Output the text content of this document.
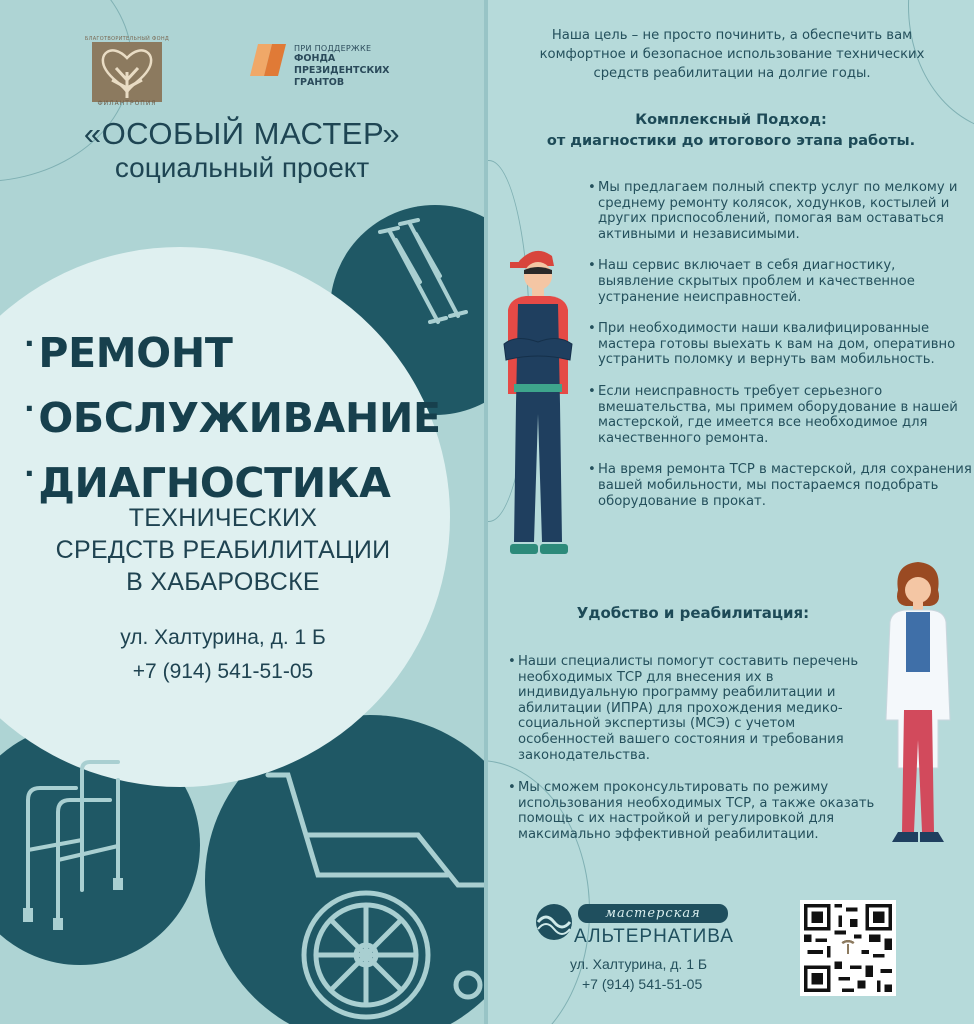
БЛАГОТВОРИТЕЛЬНЫЙ ФОНД
ФИЛАНТРОПИЯ
ПРИ ПОДДЕРЖКЕ
ФОНДА
ПРЕЗИДЕНТСКИХ
ГРАНТОВ
«ОСОБЫЙ МАСТЕР»
социальный проект
·РЕМОНТ
·ОБСЛУЖИВАНИЕ
·ДИАГНОСТИКА
ТЕХНИЧЕСКИХ
СРЕДСТВ РЕАБИЛИТАЦИИ
В ХАБАРОВСКЕ
ул. Халтурина, д. 1 Б
+7 (914) 541-51-05
Наша цель – не просто починить, а обеспечить вам комфортное и безопасное использование технических средств реабилитации на долгие годы.
Комплексный Подход:
от диагностики до итогового этапа работы.
• Мы предлагаем полный спектр услуг по мелкому и среднему ремонту колясок, ходунков, костылей и других приспособлений, помогая вам оставаться активными и независимыми.
• Наш сервис включает в себя диагностику, выявление скрытых проблем и качественное устранение неисправностей.
• При необходимости наши квалифицированные мастера готовы выехать к вам на дом, оперативно устранить поломку и вернуть вам мобильность.
• Если неисправность требует серьезного вмешательства, мы примем оборудование в нашей мастерской, где имеется все необходимое для качественного ремонта.
• На время ремонта ТСР в мастерской, для сохранения вашей мобильности, мы постараемся подобрать оборудование в прокат.
Удобство и реабилитация:
• Наши специалисты помогут составить перечень необходимых ТСР для внесения их в индивидуальную программу реабилитации и абилитации (ИПРА) для прохождения медико-социальной экспертизы (МСЭ) с учетом особенностей вашего состояния и требования законодательства.
• Мы сможем проконсультировать по режиму использования необходимых ТСР, а также оказать помощь с их настройкой и регулировкой для максимально эффективной реабилитации.
мастерская
АЛЬТЕРНАТИВА
ул. Халтурина, д. 1 Б
+7 (914) 541-51-05
